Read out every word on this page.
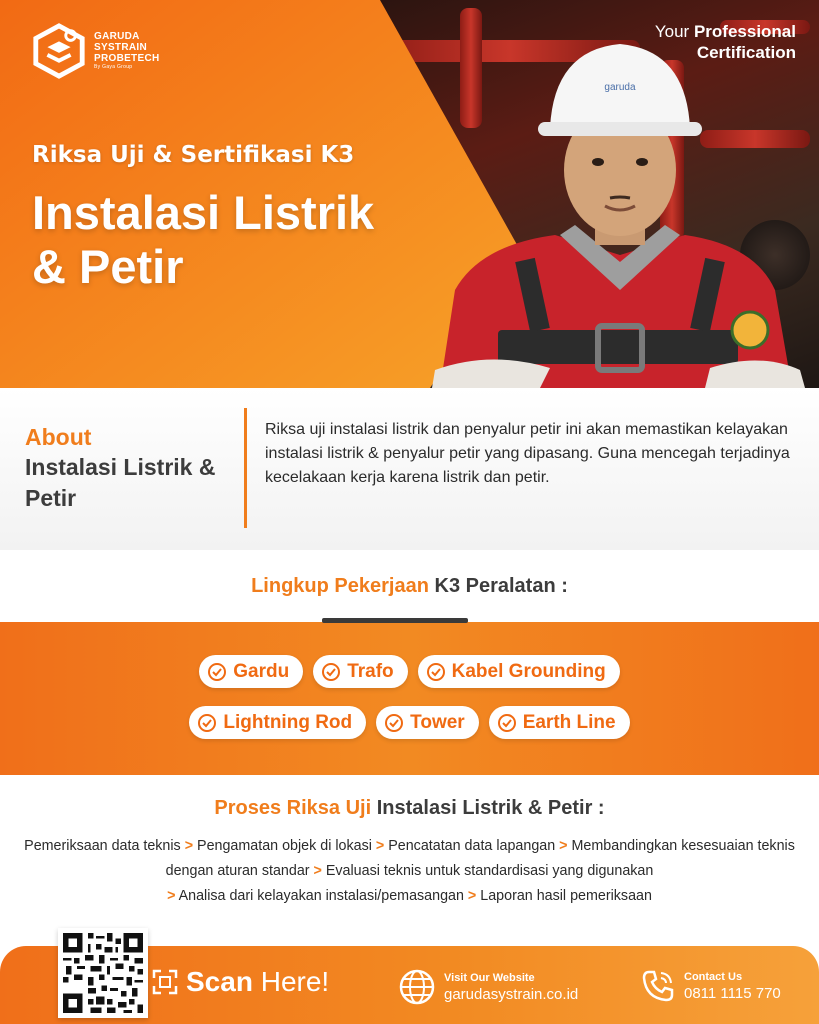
garuda
GARUDA
SYSTRAIN
PROBETECH
By Gaya Group
Your Professional
Certification
Riksa Uji & Sertifikasi K3
Instalasi Listrik
& Petir
About
Instalasi Listrik & Petir

Riksa uji instalasi listrik dan penyalur petir ini akan memastikan kelayakan instalasi listrik & penyalur petir yang dipasang. Guna mencegah terjadinya kecelakaan kerja karena listrik dan petir.

Lingkup Pekerjaan K3 Peralatan :
Gardu	Trafo	Kabel Grounding
Lightning Rod	Tower	Earth Line
Proses Riksa Uji Instalasi Listrik & Petir :
Pemeriksaan data teknis > Pengamatan objek di lokasi > Pencatatan data lapangan > Membandingkan kesesuaian teknis dengan aturan standar > Evaluasi teknis untuk standardisasi yang digunakan
> Analisa dari kelayakan instalasi/pemasangan > Laporan hasil pemeriksaan
Scan Here!	Visit Our Website
garudasystrain.co.id
Contact Us
0811 1115 770
